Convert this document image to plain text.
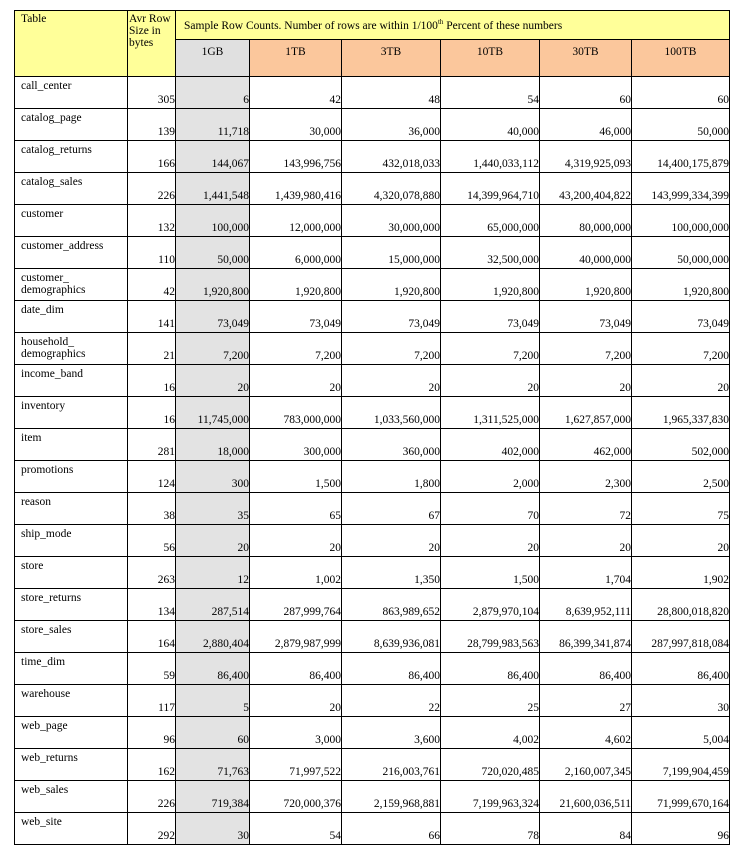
Table	Avr Row Size in bytes	Sample Row Counts. Number of rows are within 1/100th Percent of these numbers					
		1GB	1TB	3TB	10TB	30TB	100TB
call_center	305	6	42	48	54	60	60
catalog_page	139	11,718	30,000	36,000	40,000	46,000	50,000
catalog_returns	166	144,067	143,996,756	432,018,033	1,440,033,112	4,319,925,093	14,400,175,879
catalog_sales	226	1,441,548	1,439,980,416	4,320,078,880	14,399,964,710	43,200,404,822	143,999,334,399
customer	132	100,000	12,000,000	30,000,000	65,000,000	80,000,000	100,000,000
customer_address	110	50,000	6,000,000	15,000,000	32,500,000	40,000,000	50,000,000
customer_ demographics	42	1,920,800	1,920,800	1,920,800	1,920,800	1,920,800	1,920,800
date_dim	141	73,049	73,049	73,049	73,049	73,049	73,049
household_ demographics	21	7,200	7,200	7,200	7,200	7,200	7,200
income_band	16	20	20	20	20	20	20
inventory	16	11,745,000	783,000,000	1,033,560,000	1,311,525,000	1,627,857,000	1,965,337,830
item	281	18,000	300,000	360,000	402,000	462,000	502,000
promotions	124	300	1,500	1,800	2,000	2,300	2,500
reason	38	35	65	67	70	72	75
ship_mode	56	20	20	20	20	20	20
store	263	12	1,002	1,350	1,500	1,704	1,902
store_returns	134	287,514	287,999,764	863,989,652	2,879,970,104	8,639,952,111	28,800,018,820
store_sales	164	2,880,404	2,879,987,999	8,639,936,081	28,799,983,563	86,399,341,874	287,997,818,084
time_dim	59	86,400	86,400	86,400	86,400	86,400	86,400
warehouse	117	5	20	22	25	27	30
web_page	96	60	3,000	3,600	4,002	4,602	5,004
web_returns	162	71,763	71,997,522	216,003,761	720,020,485	2,160,007,345	7,199,904,459
web_sales	226	719,384	720,000,376	2,159,968,881	7,199,963,324	21,600,036,511	71,999,670,164
web_site	292	30	54	66	78	84	96
